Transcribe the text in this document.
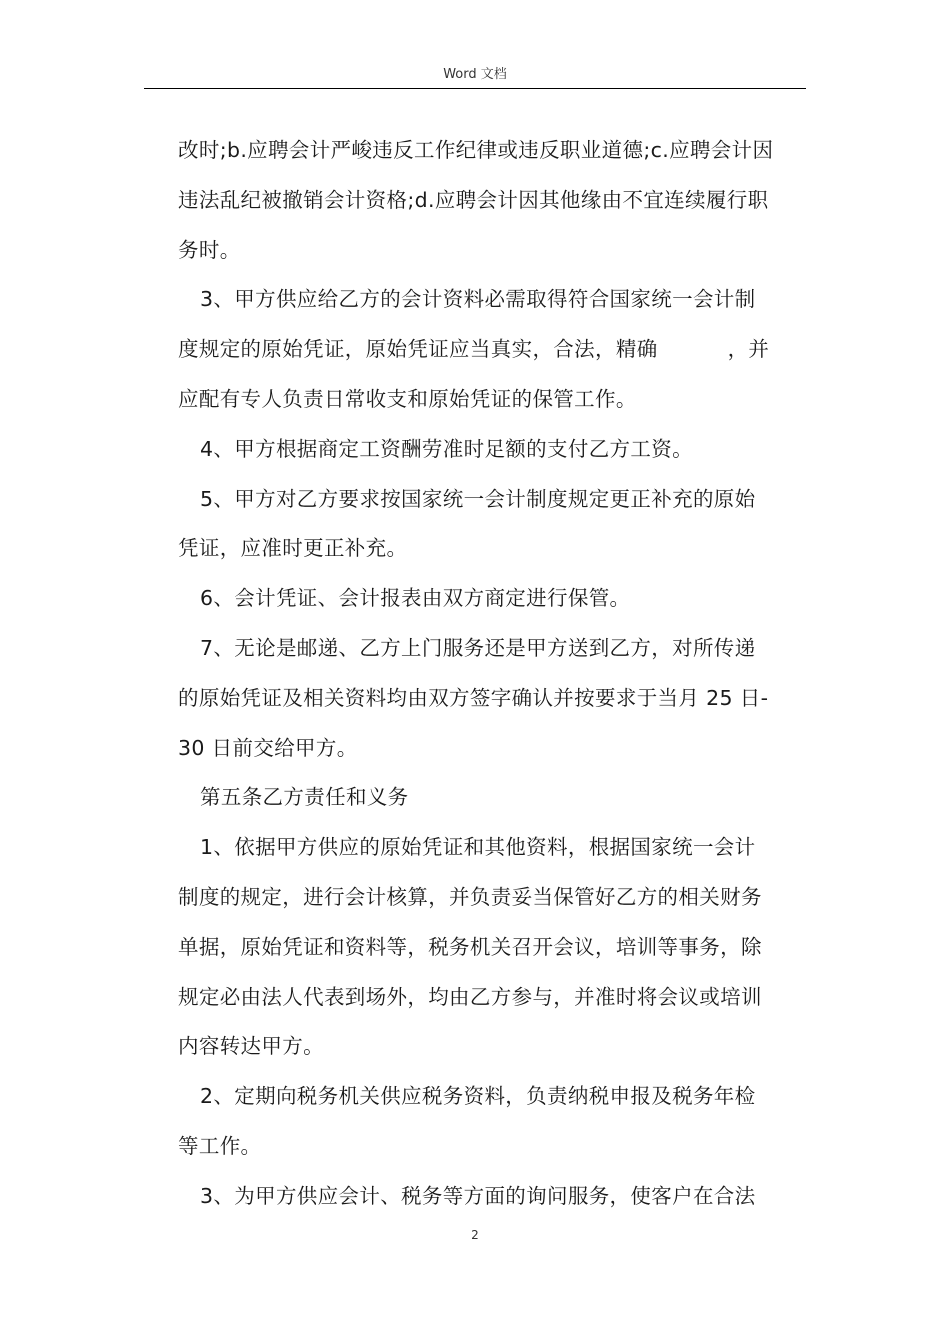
Word 文档
改时;b.应聘会计严峻违反工作纪律或违反职业道德;c.应聘会计因
违法乱纪被撤销会计资格;d.应聘会计因其他缘由不宜连续履行职
务时。
3、甲方供应给乙方的会计资料必需取得符合国家统一会计制
度规定的原始凭证，原始凭证应当真实，合法，精确	，并
应配有专人负责日常收支和原始凭证的保管工作。
4、甲方根据商定工资酬劳准时足额的支付乙方工资。
5、甲方对乙方要求按国家统一会计制度规定更正补充的原始
凭证，应准时更正补充。
6、会计凭证、会计报表由双方商定进行保管。
7、无论是邮递、乙方上门服务还是甲方送到乙方，对所传递
的原始凭证及相关资料均由双方签字确认并按要求于当月 25 日-
30 日前交给甲方。
第五条乙方责任和义务
1、依据甲方供应的原始凭证和其他资料，根据国家统一会计
制度的规定，进行会计核算，并负责妥当保管好乙方的相关财务
单据，原始凭证和资料等，税务机关召开会议，培训等事务，除
规定必由法人代表到场外，均由乙方参与，并准时将会议或培训
内容转达甲方。
2、定期向税务机关供应税务资料，负责纳税申报及税务年检
等工作。
3、为甲方供应会计、税务等方面的询问服务，使客户在合法
2
